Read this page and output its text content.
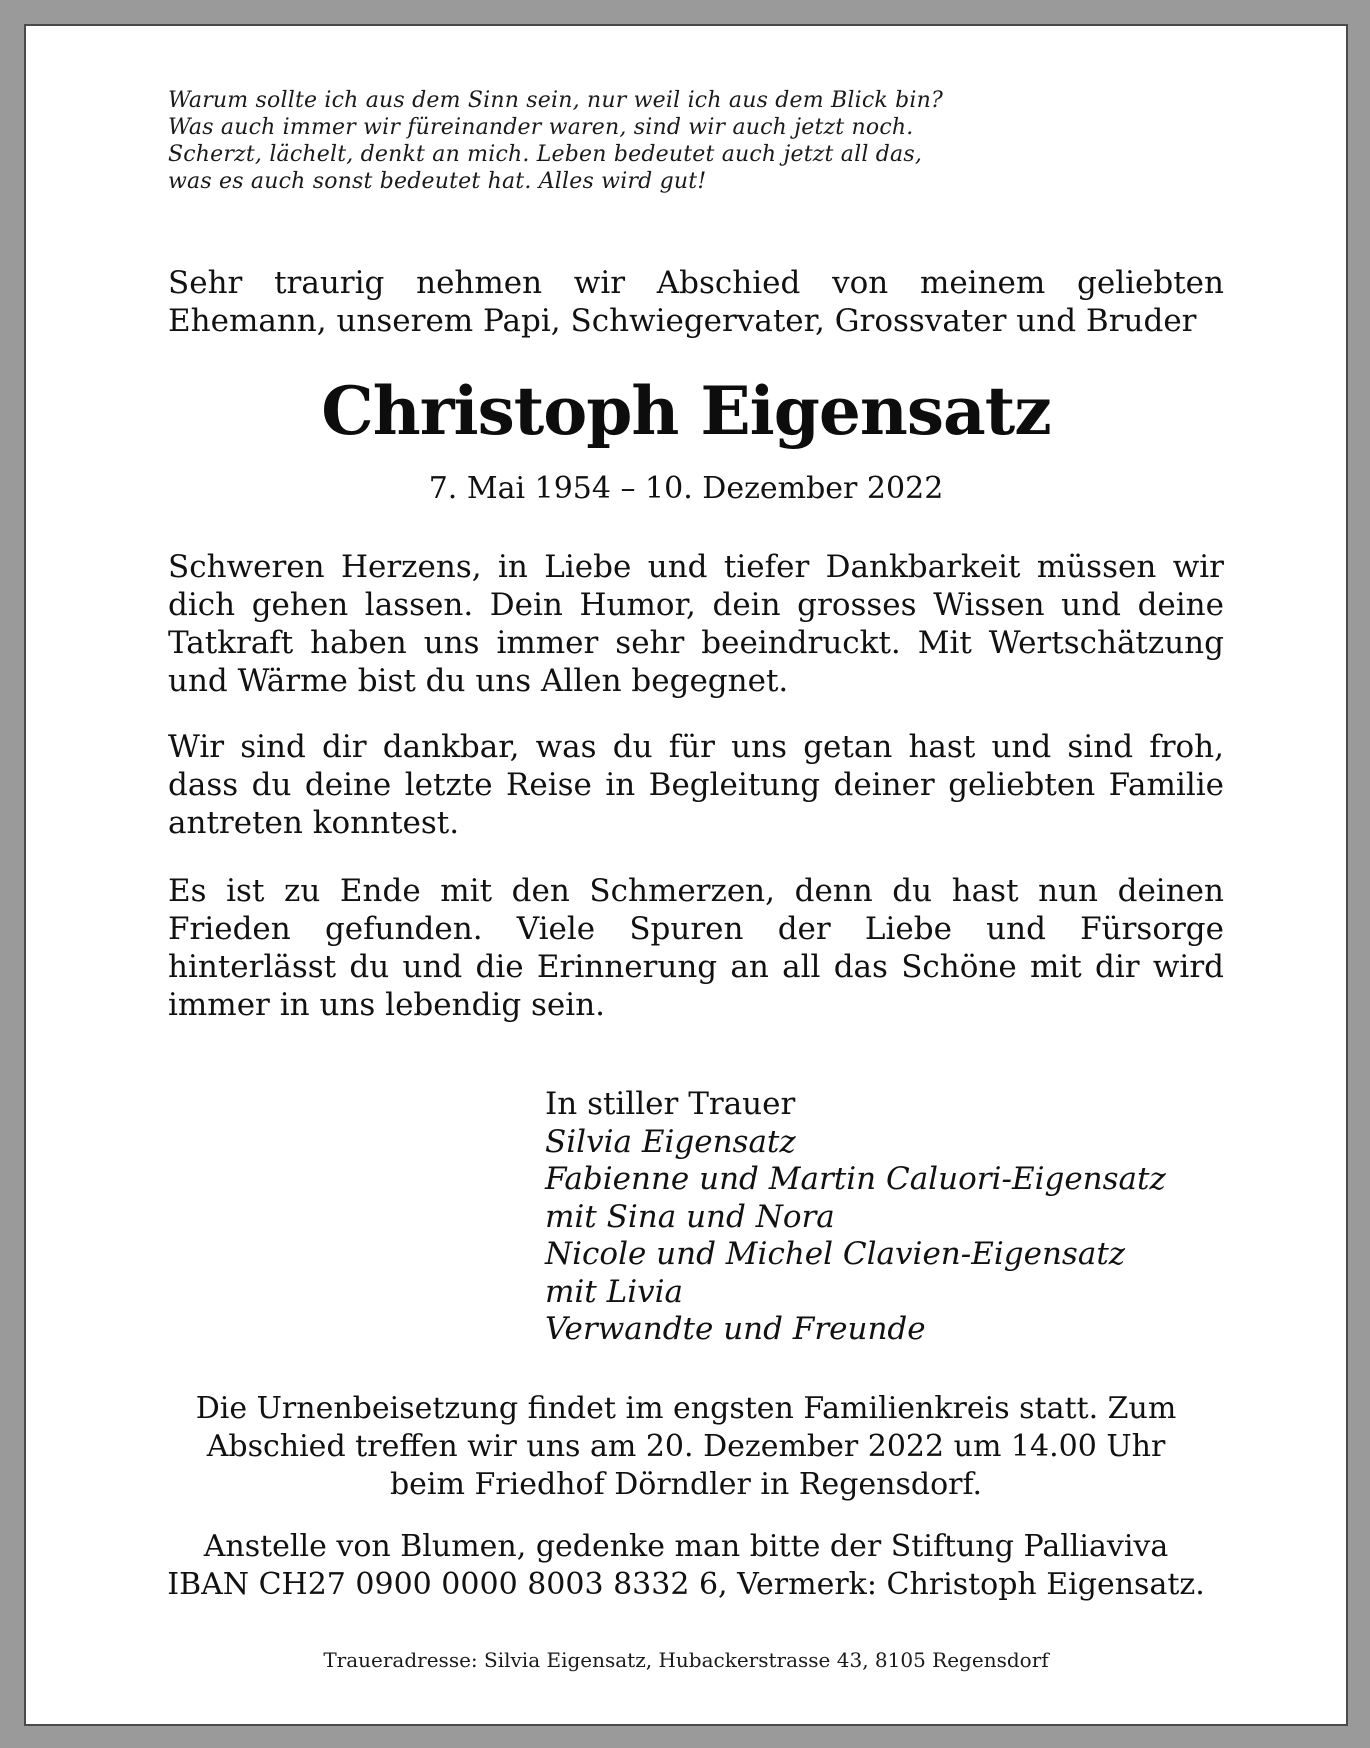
Warum sollte ich aus dem Sinn sein, nur weil ich aus dem Blick bin?
Was auch immer wir füreinander waren, sind wir auch jetzt noch.
Scherzt, lächelt, denkt an mich. Leben bedeutet auch jetzt all das,
was es auch sonst bedeutet hat. Alles wird gut!
Sehr traurig nehmen wir Abschied von meinem geliebten Ehemann, unserem Papi, Schwiegervater, Grossvater und Bruder
Christoph Eigensatz
7. Mai 1954 – 10. Dezember 2022
Schweren Herzens, in Liebe und tiefer Dankbarkeit müssen wir dich gehen lassen. Dein Humor, dein grosses Wissen und deine Tatkraft haben uns immer sehr beeindruckt. Mit Wertschätzung und Wärme bist du uns Allen begegnet.
Wir sind dir dankbar, was du für uns getan hast und sind froh, dass du deine letzte Reise in Begleitung deiner geliebten Familie antreten konntest.
Es ist zu Ende mit den Schmerzen, denn du hast nun deinen Frieden gefunden. Viele Spuren der Liebe und Fürsorge hinterlässt du und die Erinnerung an all das Schöne mit dir wird immer in uns lebendig sein.
In stiller Trauer
Silvia Eigensatz
Fabienne und Martin Caluori-Eigensatz
mit Sina und Nora
Nicole und Michel Clavien-Eigensatz
mit Livia
Verwandte und Freunde
Die Urnenbeisetzung findet im engsten Familienkreis statt. Zum
Abschied treffen wir uns am 20. Dezember 2022 um 14.00 Uhr
beim Friedhof Dörndler in Regensdorf.
Anstelle von Blumen, gedenke man bitte der Stiftung Palliaviva
IBAN CH27 0900 0000 8003 8332 6, Vermerk: Christoph Eigensatz.
Traueradresse: Silvia Eigensatz, Hubackerstrasse 43, 8105 Regensdorf
